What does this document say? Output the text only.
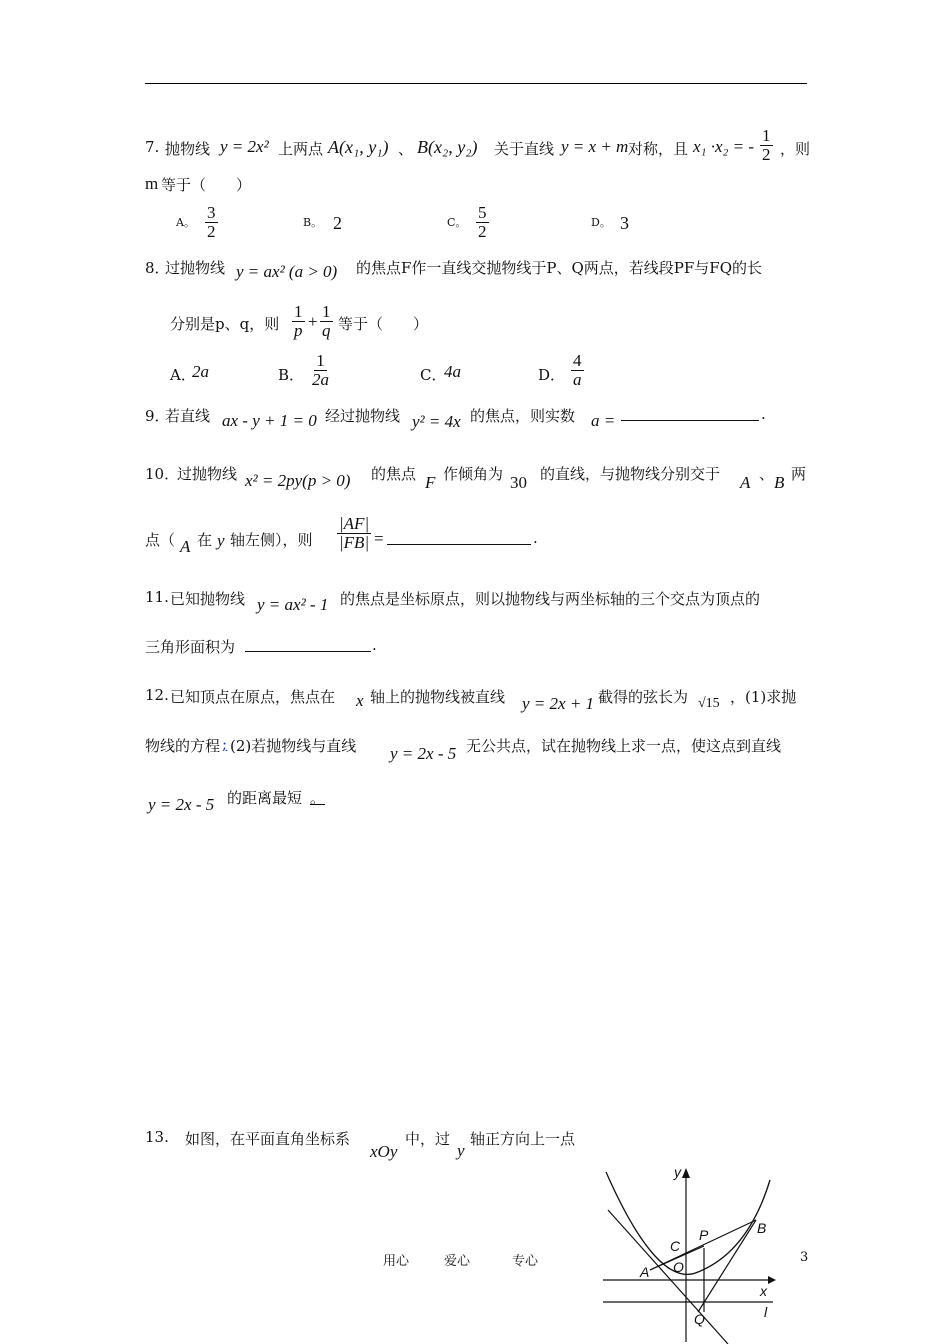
7. 抛物线 y = 2x² 上两点 A(x₁, y₁) 、 B(x₂, y₂) 关于直线 y = x + m 对称，且 x₁ ·x₂ = - $\frac{1}{2}$ ，则
m 等于（　　）
A。 $\frac{3}{2}$	B。 2	C。 $\frac{5}{2}$	D。 3
8．
过抛物线 y = ax² (a > 0) 的焦点F作一直线交抛物线于P、Q两点，若线段PF与FQ的长
分别是p、q，则 $\frac{1}{p} + \frac{1}{q}$ 等于（　　）
A．
2a	B． $\frac{1}{2a}$	C．
4a	D． $\frac{4}{a}$
9．
若直线 ax - y + 1 = 0 经过抛物线 y² = 4x 的焦点，则实数 a =	.
10．
过抛物线 x² = 2py(p > 0) 的焦点 F 作倾角为 30 的直线，与抛物线分别交于 A 、 B 两
点（ A 在 y 轴左侧），则 $\frac{|AF|}{|FB|}$ =	.
11. 已知抛物线 y = ax² - 1 的焦点是坐标原点，则以抛物线与两坐标轴的三个交点为顶点的
三角形面积为	.
12. 已知顶点在原点，焦点在 x 轴上的抛物线被直线 y = 2x + 1 截得的弦长为 √15 ，(1)求抛
物线的方程 ; (2)若抛物线与直线 y = 2x - 5 无公共点，试在抛物线上求一点，使这点到直线
y = 2x - 5 的距离最短 。
13. 如图，在平面直角坐标系
xOy
中，过
y
轴正方向上一点
y
x
B
P
C
A O
l
Q
用心	爱心	专心	3
